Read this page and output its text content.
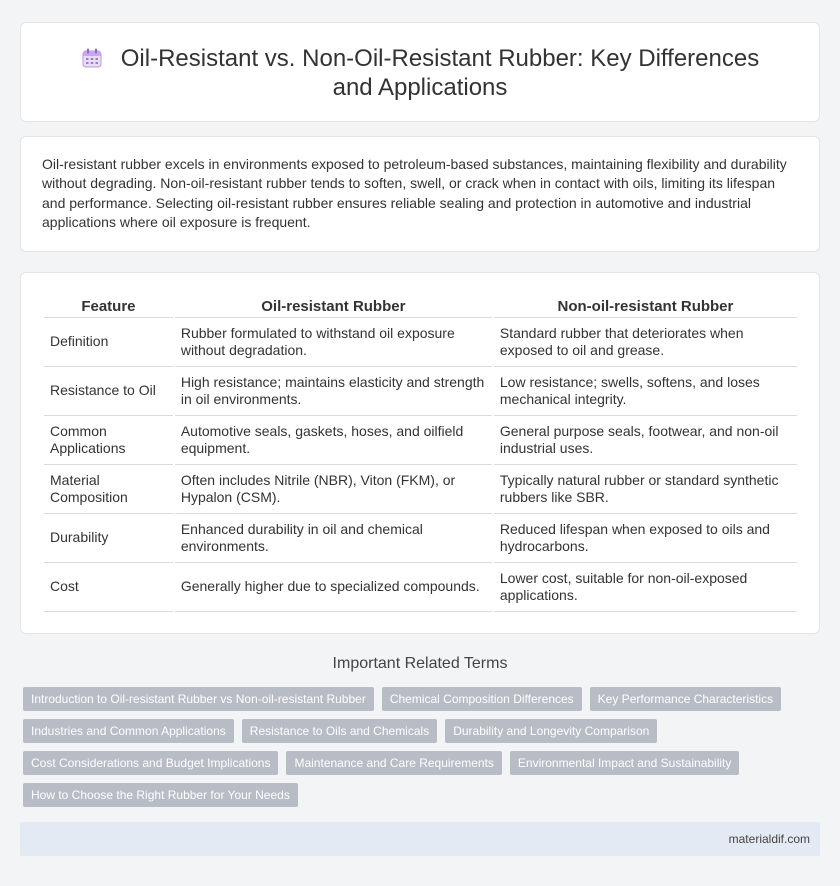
Oil-Resistant vs. Non-Oil-Resistant Rubber: Key Differences and Applications

Oil-resistant rubber excels in environments exposed to petroleum-based substances, maintaining flexibility and durability without degrading. Non-oil-resistant rubber tends to soften, swell, or crack when in contact with oils, limiting its lifespan and performance. Selecting oil-resistant rubber ensures reliable sealing and protection in automotive and industrial applications where oil exposure is frequent.

Feature	Oil-resistant Rubber	Non-oil-resistant Rubber
Definition	Rubber formulated to withstand oil exposure without degradation.	Standard rubber that deteriorates when exposed to oil and grease.
Resistance to Oil	High resistance; maintains elasticity and strength in oil environments.	Low resistance; swells, softens, and loses mechanical integrity.
Common Applications	Automotive seals, gaskets, hoses, and oilfield equipment.	General purpose seals, footwear, and non-oil industrial uses.
Material Composition	Often includes Nitrile (NBR), Viton (FKM), or Hypalon (CSM).	Typically natural rubber or standard synthetic rubbers like SBR.
Durability	Enhanced durability in oil and chemical environments.	Reduced lifespan when exposed to oils and hydrocarbons.
Cost	Generally higher due to specialized compounds.	Lower cost, suitable for non-oil-exposed applications.
Important Related Terms
Introduction to Oil-resistant Rubber vs Non-oil-resistant Rubber	Chemical Composition Differences	Key Performance Characteristics
Industries and Common Applications	Resistance to Oils and Chemicals	Durability and Longevity Comparison
Cost Considerations and Budget Implications	Maintenance and Care Requirements	Environmental Impact and Sustainability
How to Choose the Right Rubber for Your Needs
materialdif.com
